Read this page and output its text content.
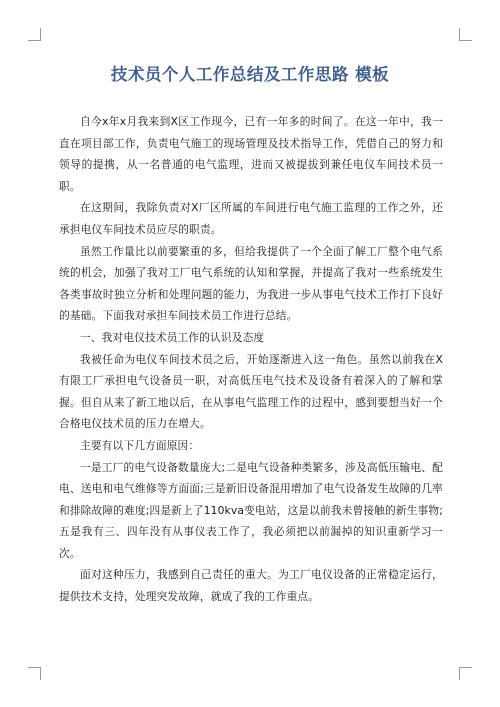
技术员个人工作总结及工作思路 模板

自今x年x月我来到X区工作现今，已有一年多的时间了。在这一年中，我一直在项目部工作，负责电气施工的现场管理及技术指导工作，凭借自己的努力和领导的提携，从一名普通的电气监理，进而又被提拔到兼任电仪车间技术员一职。

在这期间，我除负责对X厂区所属的车间进行电气施工监理的工作之外，还承担电仪车间技术员应尽的职责。

虽然工作量比以前要繁重的多，但给我提供了一个全面了解工厂整个电气系统的机会，加强了我对工厂电气系统的认知和掌握，并提高了我对一些系统发生各类事故时独立分析和处理问题的能力，为我进一步从事电气技术工作打下良好的基础。下面我对承担车间技术员工作进行总结。

一、我对电仪技术员工作的认识及态度

我被任命为电仪车间技术员之后，开始逐渐进入这一角色。虽然以前我在X有限工厂承担电气设备员一职，对高低压电气技术及设备有着深入的了解和掌握。但自从来了新工地以后，在从事电气监理工作的过程中，感到要想当好一个合格电仪技术员的压力在增大。

主要有以下几方面原因：

一是工厂的电气设备数量庞大;二是电气设备种类繁多，涉及高低压输电、配电、送电和电气维修等方面面;三是新旧设备混用增加了电气设备发生故障的几率和排除故障的难度;四是新上了110kva变电站，这是以前我未曾接触的新生事物;五是我有三、四年没有从事仪表工作了，我必须把以前漏掉的知识重新学习一次。

面对这种压力，我感到自己责任的重大。为工厂电仪设备的正常稳定运行，提供技术支持，处理突发故障，就成了我的工作重点。
